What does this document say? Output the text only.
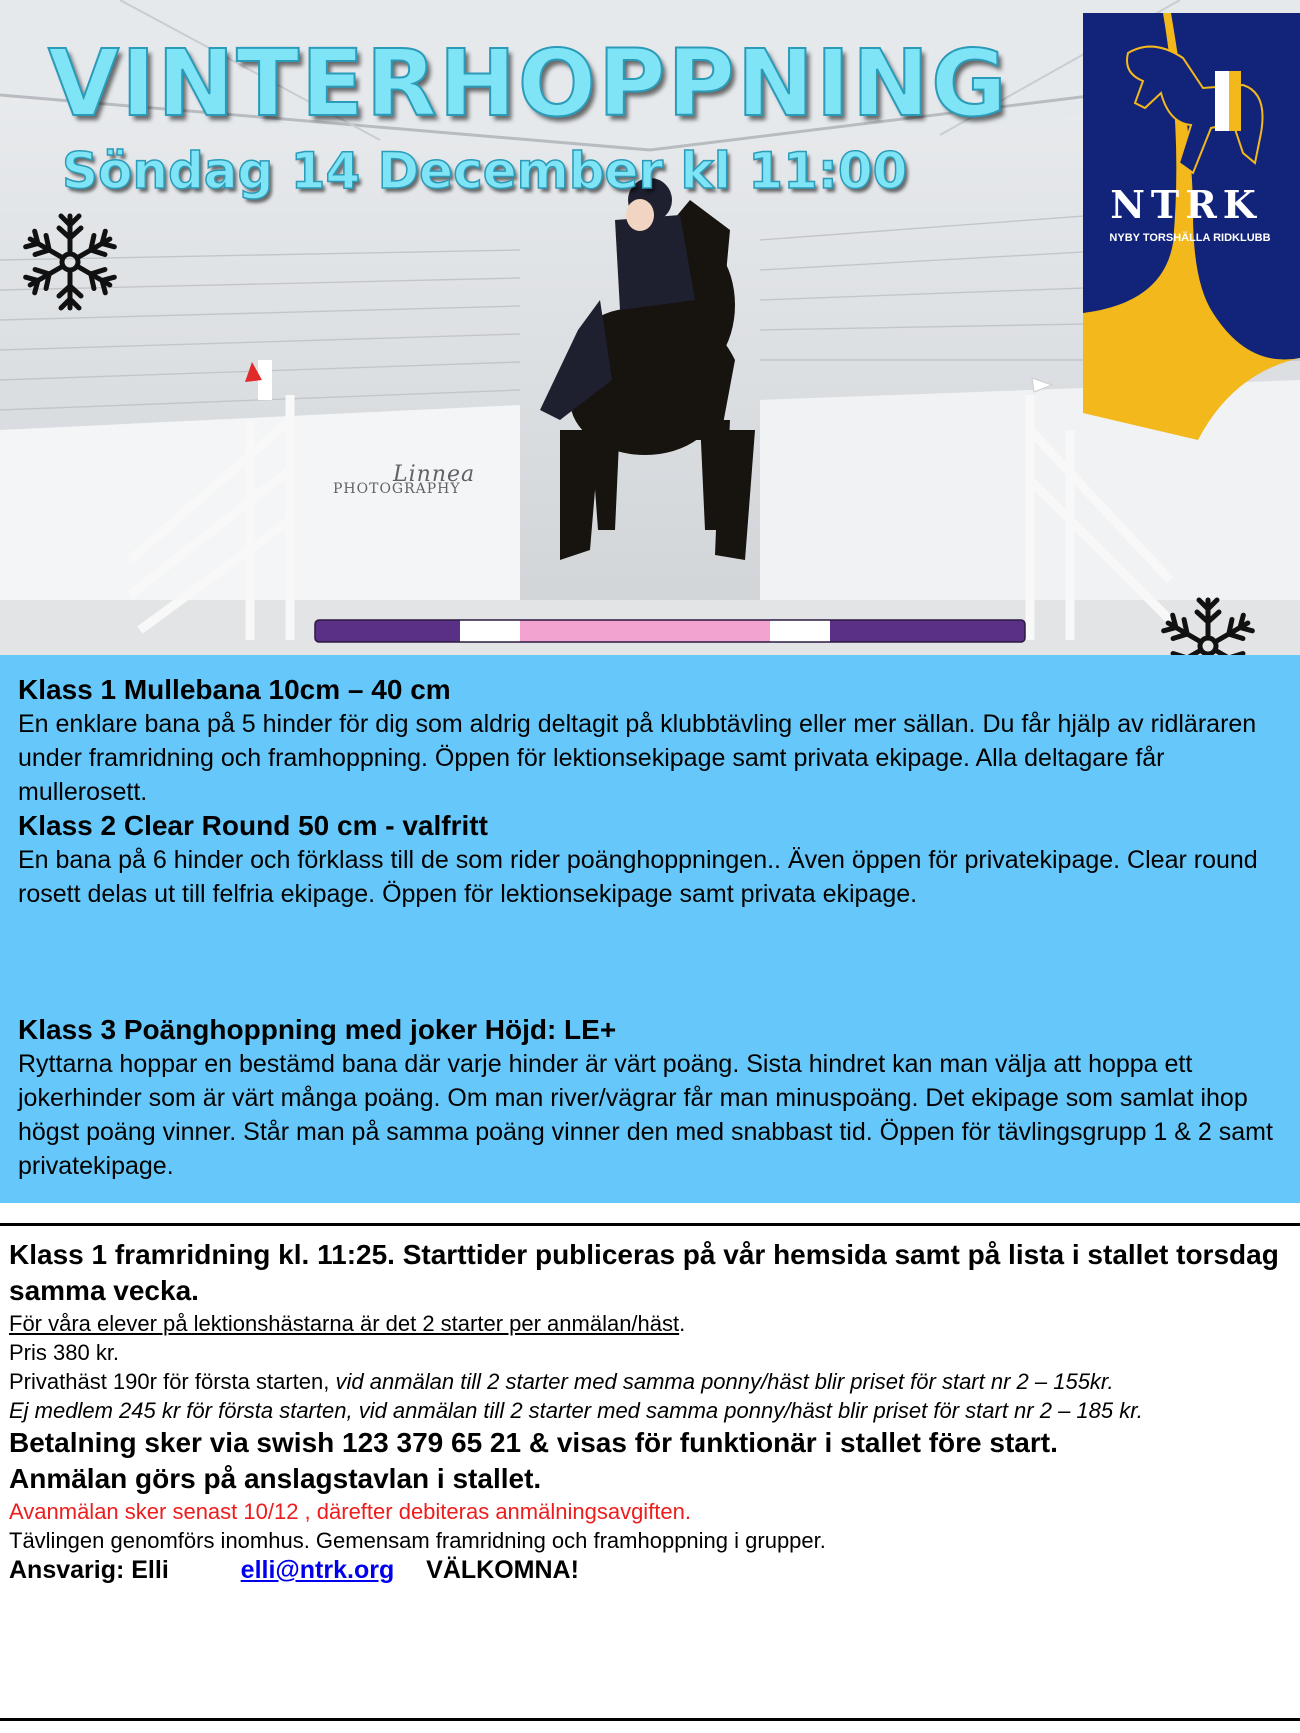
VINTERHOPPNING
Söndag 14 December kl 11:00
Linnea
PHOTOGRAPHY
NTRK
NYBY TORSHÄLLA RIDKLUBB
Klass 1 Mullebana 10cm – 40 cm
En enklare bana på 5 hinder för dig som aldrig deltagit på klubbtävling eller mer sällan. Du får hjälp av ridläraren under framridning och framhoppning. Öppen för lektionsekipage samt privata ekipage. Alla deltagare får mullerosett.
Klass 2 Clear Round 50 cm - valfritt
En bana på 6 hinder och förklass till de som rider poänghoppningen.. Även öppen för privatekipage. Clear round rosett delas ut till felfria ekipage. Öppen för lektionsekipage samt privata ekipage.
Klass 3 Poänghoppning med joker Höjd: LE+
Ryttarna hoppar en bestämd bana där varje hinder är värt poäng. Sista hindret kan man välja att hoppa ett jokerhinder som är värt många poäng. Om man river/vägrar får man minuspoäng. Det ekipage som samlat ihop högst poäng vinner. Står man på samma poäng vinner den med snabbast tid. Öppen för tävlingsgrupp 1 & 2 samt privatekipage.

Klass 1 framridning kl. 11:25. Starttider publiceras på vår hemsida samt på lista i stallet torsdag samma vecka.

För våra elever på lektionshästarna är det 2 starter per anmälan/häst.

Pris 380 kr.

Privathäst 190r för första starten, vid anmälan till 2 starter med samma ponny/häst blir priset för start nr 2 – 155kr.

Ej medlem 245 kr för första starten, vid anmälan till 2 starter med samma ponny/häst blir priset för start nr 2 – 185 kr.

Betalning sker via swish 123 379 65 21 & visas för funktionär i stallet före start.

Anmälan görs på anslagstavlan i stallet.

Avanmälan sker senast 10/12 , därefter debiteras anmälningsavgiften.

Tävlingen genomförs inomhus. Gemensam framridning och framhoppning i grupper.

Ansvarig: Elli	elli@ntrk.org VÄLKOMNA!
